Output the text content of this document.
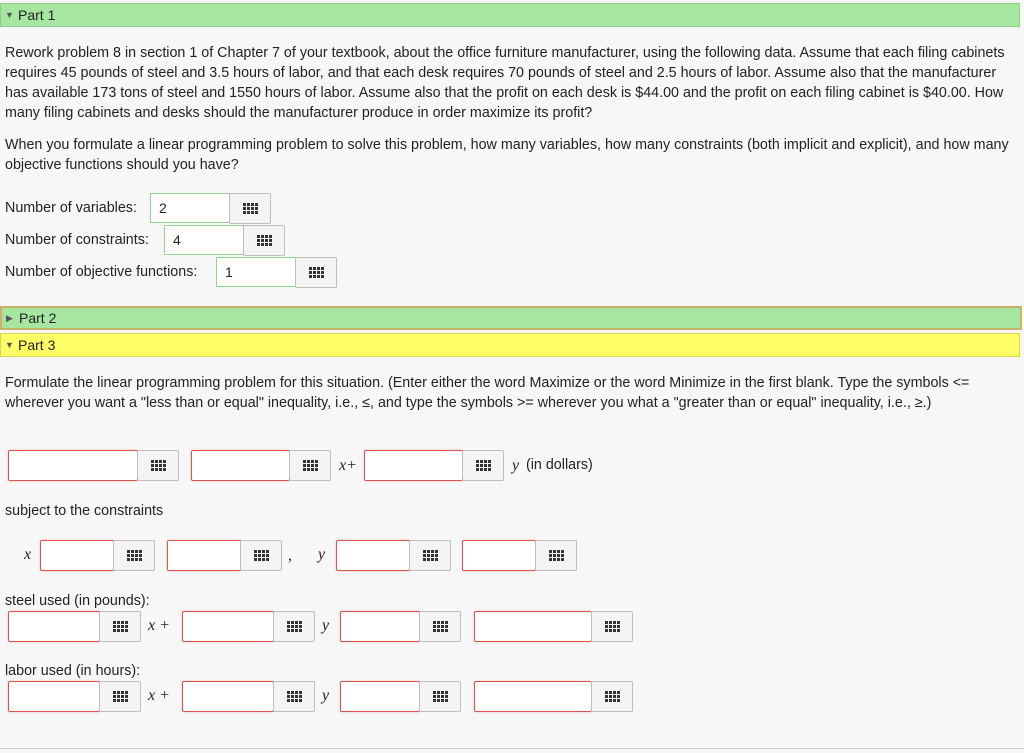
▼ Part 1

Rework problem 8 in section 1 of Chapter 7 of your textbook, about the office furniture manufacturer, using the following data. Assume that each filing cabinets requires 45 pounds of steel and 3.5 hours of labor, and that each desk requires 70 pounds of steel and 2.5 hours of labor. Assume also that the manufacturer has available 173 tons of steel and 1550 hours of labor. Assume also that the profit on each desk is $44.00 and the profit on each filing cabinet is $40.00. How many filing cabinets and desks should the manufacturer produce in order maximize its profit?

When you formulate a linear programming problem to solve this problem, how many variables, how many constraints (both implicit and explicit), and how many objective functions should you have?

Number of variables:
2
Number of constraints:
4
Number of objective functions:
1
▶ Part 2
▼ Part 3

Formulate the linear programming problem for this situation. (Enter either the word Maximize or the word Minimize in the first blank. Type the symbols <= wherever you want a "less than or equal" inequality, i.e., ≤, and type the symbols >= wherever you what a "greater than or equal" inequality, i.e., ≥.)

x+	y (in dollars)
subject to the constraints
x	, y
steel used (in pounds):
x +	y
labor used (in hours):
x +	y
